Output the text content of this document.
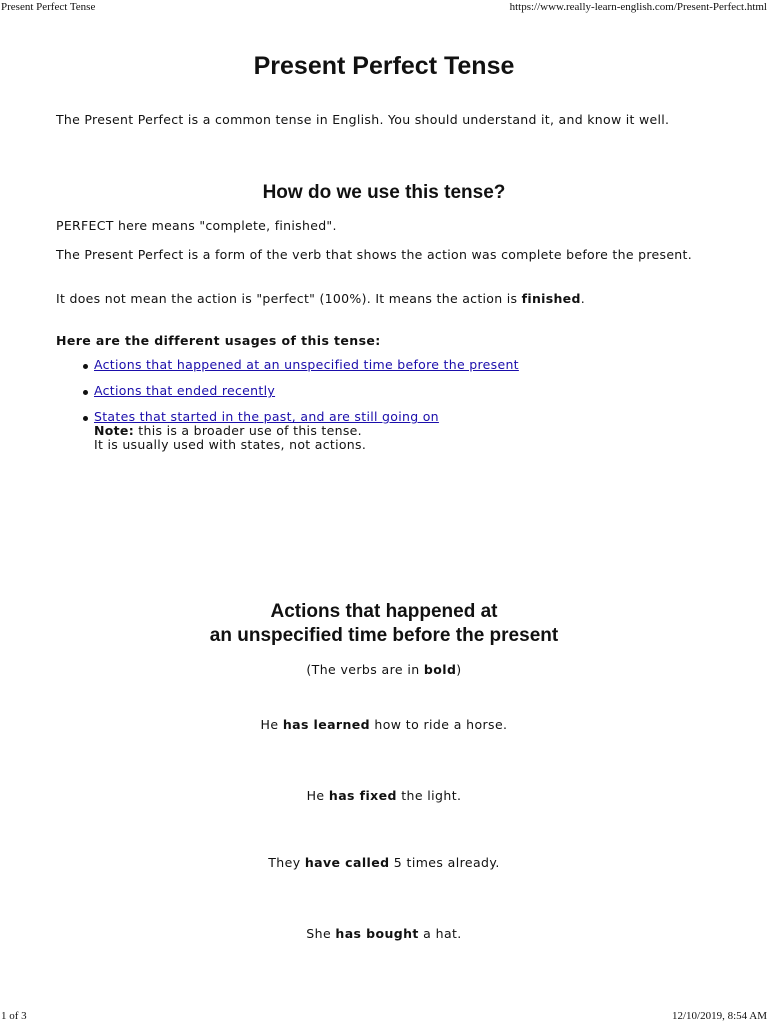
Present Perfect Tense	https://www.really-learn-english.com/Present-Perfect.html
Present Perfect Tense
The Present Perfect is a common tense in English. You should understand it, and know it well.
How do we use this tense?
PERFECT here means "complete, finished".
The Present Perfect is a form of the verb that shows the action was complete before the present.
It does not mean the action is "perfect" (100%). It means the action is finished.
Here are the different usages of this tense:
Actions that happened at an unspecified time before the present
Actions that ended recently
States that started in the past, and are still going on
Note: this is a broader use of this tense.
It is usually used with states, not actions.
Actions that happened at
an unspecified time before the present
(The verbs are in bold)
He has learned how to ride a horse.
He has fixed the light.
They have called 5 times already.
She has bought a hat.
1 of 3	12/10/2019, 8:54 AM
